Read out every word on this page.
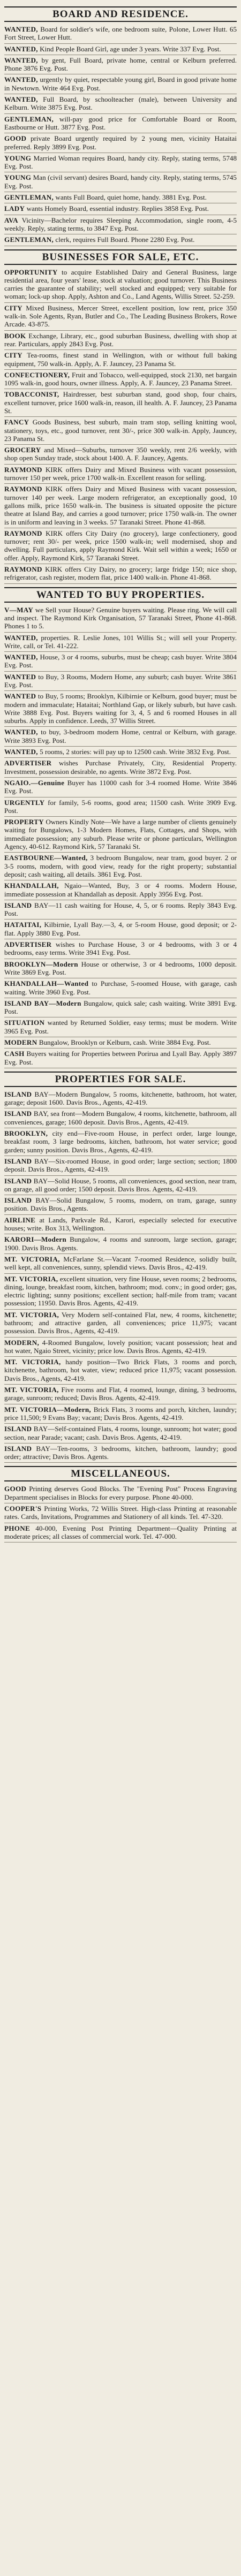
BOARD AND RESIDENCE.

WANTED, Board for soldier's wife, one bedroom suite, Polone, Lower Hutt. 65 Fort Street, Lower Hutt.

WANTED, Kind People Board Girl, age under 3 years. Write 337 Evg. Post.

WANTED, by gent, Full Board, private home, central or Kelburn preferred. Phone 3876 Evg. Post.

WANTED, urgently by quiet, respectable young girl, Board in good private home in Newtown. Write 464 Evg. Post.

WANTED, Full Board, by schoolteacher (male), between University and Kelburn. Write 3875 Evg. Post.

GENTLEMAN, will-pay good price for Comfortable Board or Room, Eastbourne or Hutt. 3877 Evg. Post.

GOOD private Board urgently required by 2 young men, vicinity Hataitai preferred. Reply 3899 Evg. Post.

YOUNG Married Woman requires Board, handy city. Reply, stating terms, 5748 Evg. Post.

YOUNG Man (civil servant) desires Board, handy city. Reply, stating terms, 5745 Evg. Post.

GENTLEMAN, wants Full Board, quiet home, handy. 3881 Evg. Post.

LADY wants Homely Board, essential industry. Replies 3858 Evg. Post.

AVA Vicinity—Bachelor requires Sleeping Accommodation, single room, 4-5 weekly. Reply, stating terms, to 3847 Evg. Post.

GENTLEMAN, clerk, requires Full Board. Phone 2280 Evg. Post.

BUSINESSES FOR SALE, ETC.

OPPORTUNITY to acquire Established Dairy and General Business, large residential area, four years' lease, stock at valuation; good turnover. This Business carries the guarantee of stability; well stocked and equipped; very suitable for woman; lock-up shop. Apply, Ashton and Co., Land Agents, Willis Street. 52-259.

CITY Mixed Business, Mercer Street, excellent position, low rent, price 350 walk-in. Sole Agents, Ryan, Butler and Co., The Leading Business Brokers, Rowe Arcade. 43-875.

BOOK Exchange, Library, etc., good suburban Business, dwelling with shop at rear. Particulars, apply 2843 Evg. Post.

CITY Tea-rooms, finest stand in Wellington, with or without full baking equipment, 750 walk-in. Apply, A. F. Jauncey, 23 Panama St.

CONFECTIONERY, Fruit and Tobacco, well-equipped, stock 2130, net bargain 1095 walk-in, good hours, owner illness. Apply, A. F. Jauncey, 23 Panama Street.

TOBACCONIST, Hairdresser, best suburban stand, good shop, four chairs, excellent turnover, price 1600 walk-in, reason, ill health. A. F. Jauncey, 23 Panama St.

FANCY Goods Business, best suburb, main tram stop, selling knitting wool, stationery, toys, etc., good turnover, rent 30/-, price 300 walk-in. Apply, Jauncey, 23 Panama St.

GROCERY and Mixed—Suburbs, turnover 350 weekly, rent 2/6 weekly, with shop open Sunday trade, stock about 1400. A. F. Jauncey, Agents.

RAYMOND KIRK offers Dairy and Mixed Business with vacant possession, turnover 150 per week, price 1700 walk-in. Excellent reason for selling.

RAYMOND KIRK offers Dairy and Mixed Business with vacant possession, turnover 140 per week. Large modern refrigerator, an exceptionally good, 10 gallons milk, price 1650 walk-in. The business is situated opposite the picture theatre at Island Bay, and carries a good turnover; price 1750 walk-in. The owner is in uniform and leaving in 3 weeks. 57 Taranaki Street. Phone 41-868.

RAYMOND KIRK offers City Dairy (no grocery), large confectionery, good turnover; rent 30/- per week, price 1500 walk-in; well modernised, shop and dwelling. Full particulars, apply Raymond Kirk. Wait sell within a week; 1650 or offer. Apply, Raymond Kirk, 57 Taranaki Street.

RAYMOND KIRK offers City Dairy, no grocery; large fridge 150; nice shop, refrigerator, cash register, modern flat, price 1400 walk-in. Phone 41-868.

WANTED TO BUY PROPERTIES.

V—MAY we Sell your House? Genuine buyers waiting. Please ring. We will call and inspect. The Raymond Kirk Organisation, 57 Taranaki Street, Phone 41-868. Phones 1 to 5.

WANTED, properties. R. Leslie Jones, 101 Willis St.; will sell your Property. Write, call, or Tel. 41-222.

WANTED, House, 3 or 4 rooms, suburbs, must be cheap; cash buyer. Write 3804 Evg. Post.

WANTED to Buy, 3 Rooms, Modern Home, any suburb; cash buyer. Write 3861 Evg. Post.

WANTED to Buy, 5 rooms; Brooklyn, Kilbirnie or Kelburn, good buyer; must be modern and immaculate; Hataitai; Northland Gap, or likely suburb, but have cash. Write 3888 Evg. Post. Buyers waiting for 3, 4, 5 and 6 roomed Houses in all suburbs. Apply in confidence. Leeds, 37 Willis Street.

WANTED, to buy, 3-bedroom modern Home, central or Kelburn, with garage. Write 3893 Evg. Post.

WANTED, 5 rooms, 2 stories: will pay up to 12500 cash. Write 3832 Evg. Post.

ADVERTISER wishes Purchase Privately, City, Residential Property. Investment, possession desirable, no agents. Write 3872 Evg. Post.

NGAIO.—Genuine Buyer has 11000 cash for 3-4 roomed Home. Write 3846 Evg. Post.

URGENTLY for family, 5-6 rooms, good area; 11500 cash. Write 3909 Evg. Post.

PROPERTY Owners Kindly Note—We have a large number of clients genuinely waiting for Bungalows, 1-3 Modern Homes, Flats, Cottages, and Shops, with immediate possession; any suburb. Please write or phone particulars, Wellington Agency, 40-612. Raymond Kirk, 57 Taranaki St.

EASTBOURNE—Wanted, 3 bedroom Bungalow, near tram, good buyer. 2 or 3-5 rooms, modern, with good view, ready for the right property; substantial deposit; cash waiting, all details. 3861 Evg. Post.

KHANDALLAH, Ngaio—Wanted, Buy, 3 or 4 rooms. Modern House, immediate possession at Khandallah as deposit. Apply 3956 Evg. Post.

ISLAND BAY—11 cash waiting for House, 4, 5, or 6 rooms. Reply 3843 Evg. Post.

HATAITAI, Kilbirnie, Lyall Bay.—3, 4, or 5-room House, good deposit; or 2-flat. Apply 3880 Evg. Post.

ADVERTISER wishes to Purchase House, 3 or 4 bedrooms, with 3 or 4 bedrooms, easy terms. Write 3941 Evg. Post.

BROOKLYN—Modern House or otherwise, 3 or 4 bedrooms, 1000 deposit. Write 3869 Evg. Post.

KHANDALLAH—Wanted to Purchase, 5-roomed House, with garage, cash waiting. Write 3960 Evg. Post.

ISLAND BAY—Modern Bungalow, quick sale; cash waiting. Write 3891 Evg. Post.

SITUATION wanted by Returned Soldier, easy terms; must be modern. Write 3965 Evg. Post.

MODERN Bungalow, Brooklyn or Kelburn, cash. Write 3884 Evg. Post.

CASH Buyers waiting for Properties between Porirua and Lyall Bay. Apply 3897 Evg. Post.

PROPERTIES FOR SALE.

ISLAND BAY—Modern Bungalow, 5 rooms, kitchenette, bathroom, hot water, garage; deposit 1600. Davis Bros., Agents, 42-419.

ISLAND BAY, sea front—Modern Bungalow, 4 rooms, kitchenette, bathroom, all conveniences, garage; 1600 deposit. Davis Bros., Agents, 42-419.

BROOKLYN, city end—Five-room House, in perfect order, large lounge, breakfast room, 3 large bedrooms, kitchen, bathroom, hot water service; good garden; sunny position. Davis Bros., Agents, 42-419.

ISLAND BAY—Six-roomed House, in good order; large section; section; 1800 deposit. Davis Bros., Agents, 42-419.

ISLAND BAY—Solid House, 5 rooms, all conveniences, good section, near tram, on garage, all good order; 1500 deposit. Davis Bros. Agents, 42-419.

ISLAND BAY—Solid Bungalow, 5 rooms, modern, on tram, garage, sunny position. Davis Bros., Agents.

AIRLINE at Lands, Parkvale Rd., Karori, especially selected for executive houses; write. Box 313, Wellington.

KARORI—Modern Bungalow, 4 rooms and sunroom, large section, garage; 1900. Davis Bros. Agents.

MT. VICTORIA, McFarlane St.—Vacant 7-roomed Residence, solidly built, well kept, all conveniences, sunny, splendid views. Davis Bros., 42-419.

MT. VICTORIA, excellent situation, very fine House, seven rooms; 2 bedrooms, dining, lounge, breakfast room, kitchen, bathroom; mod. conv.; in good order; gas, electric lighting; sunny positions; excellent section; half-mile from tram; vacant possession; 11950. Davis Bros. Agents, 42-419.

MT. VICTORIA, Very Modern self-contained Flat, new, 4 rooms, kitchenette; bathroom; and attractive garden, all conveniences; price 11,975; vacant possession. Davis Bros., Agents, 42-419.

MODERN, 4-Roomed Bungalow, lovely position; vacant possession; heat and hot water, Ngaio Street, vicinity; price low. Davis Bros. Agents, 42-419.

MT. VICTORIA, handy position—Two Brick Flats, 3 rooms and porch, kitchenette, bathroom, hot water, view; reduced price 11,975; vacant possession. Davis Bros., Agents, 42-419.

MT. VICTORIA, Five rooms and Flat, 4 roomed, lounge, dining, 3 bedrooms, garage, sunroom; reduced; Davis Bros. Agents, 42-419.

MT. VICTORIA—Modern, Brick Flats, 3 rooms and porch, kitchen, laundry; price 11,500; 9 Evans Bay; vacant; Davis Bros. Agents, 42-419.

ISLAND BAY—Self-contained Flats, 4 rooms, lounge, sunroom; hot water; good section, near Parade; vacant; cash. Davis Bros. Agents, 42-419.

ISLAND BAY—Ten-rooms, 3 bedrooms, kitchen, bathroom, laundry; good order; attractive; Davis Bros. Agents.

MISCELLANEOUS.

GOOD Printing deserves Good Blocks. The "Evening Post" Process Engraving Department specialises in Blocks for every purpose. Phone 40-000.

COOPER'S Printing Works, 72 Willis Street. High-class Printing at reasonable rates. Cards, Invitations, Programmes and Stationery of all kinds. Tel. 47-320.

PHONE 40-000, Evening Post Printing Department—Quality Printing at moderate prices; all classes of commercial work. Tel. 47-000.
